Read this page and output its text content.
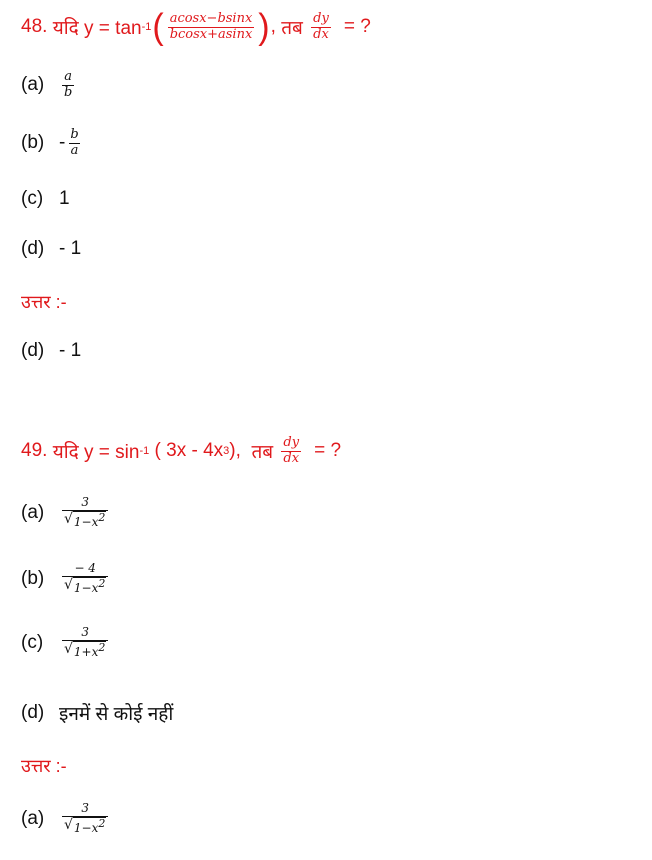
48.
यदि y = tan -1 ( $\frac{acosx-bsinx}{bcosx+asinx}$ ) , तब
$\frac{dy}{dx}$ = ?
(a)	$\frac{a}{b}$
$(b) - \frac{b}{a}$
(c) 1
(d) - 1
उत्तर :-
(d) - 1
49.
यदि y = sin -1
( 3x - 4x 3 ),
तब
$\frac{dy}{dx}$ = ?
(a)	$\frac{3}{√ 1-x^2}$
(b)	$\frac{- 4}{√ 1-x^2}$
(c)	$\frac{3}{√ 1+x^2}$
(d) इनमें से कोई नहीं
उत्तर :-
(a)	$\frac{3}{√ 1-x^2}$
